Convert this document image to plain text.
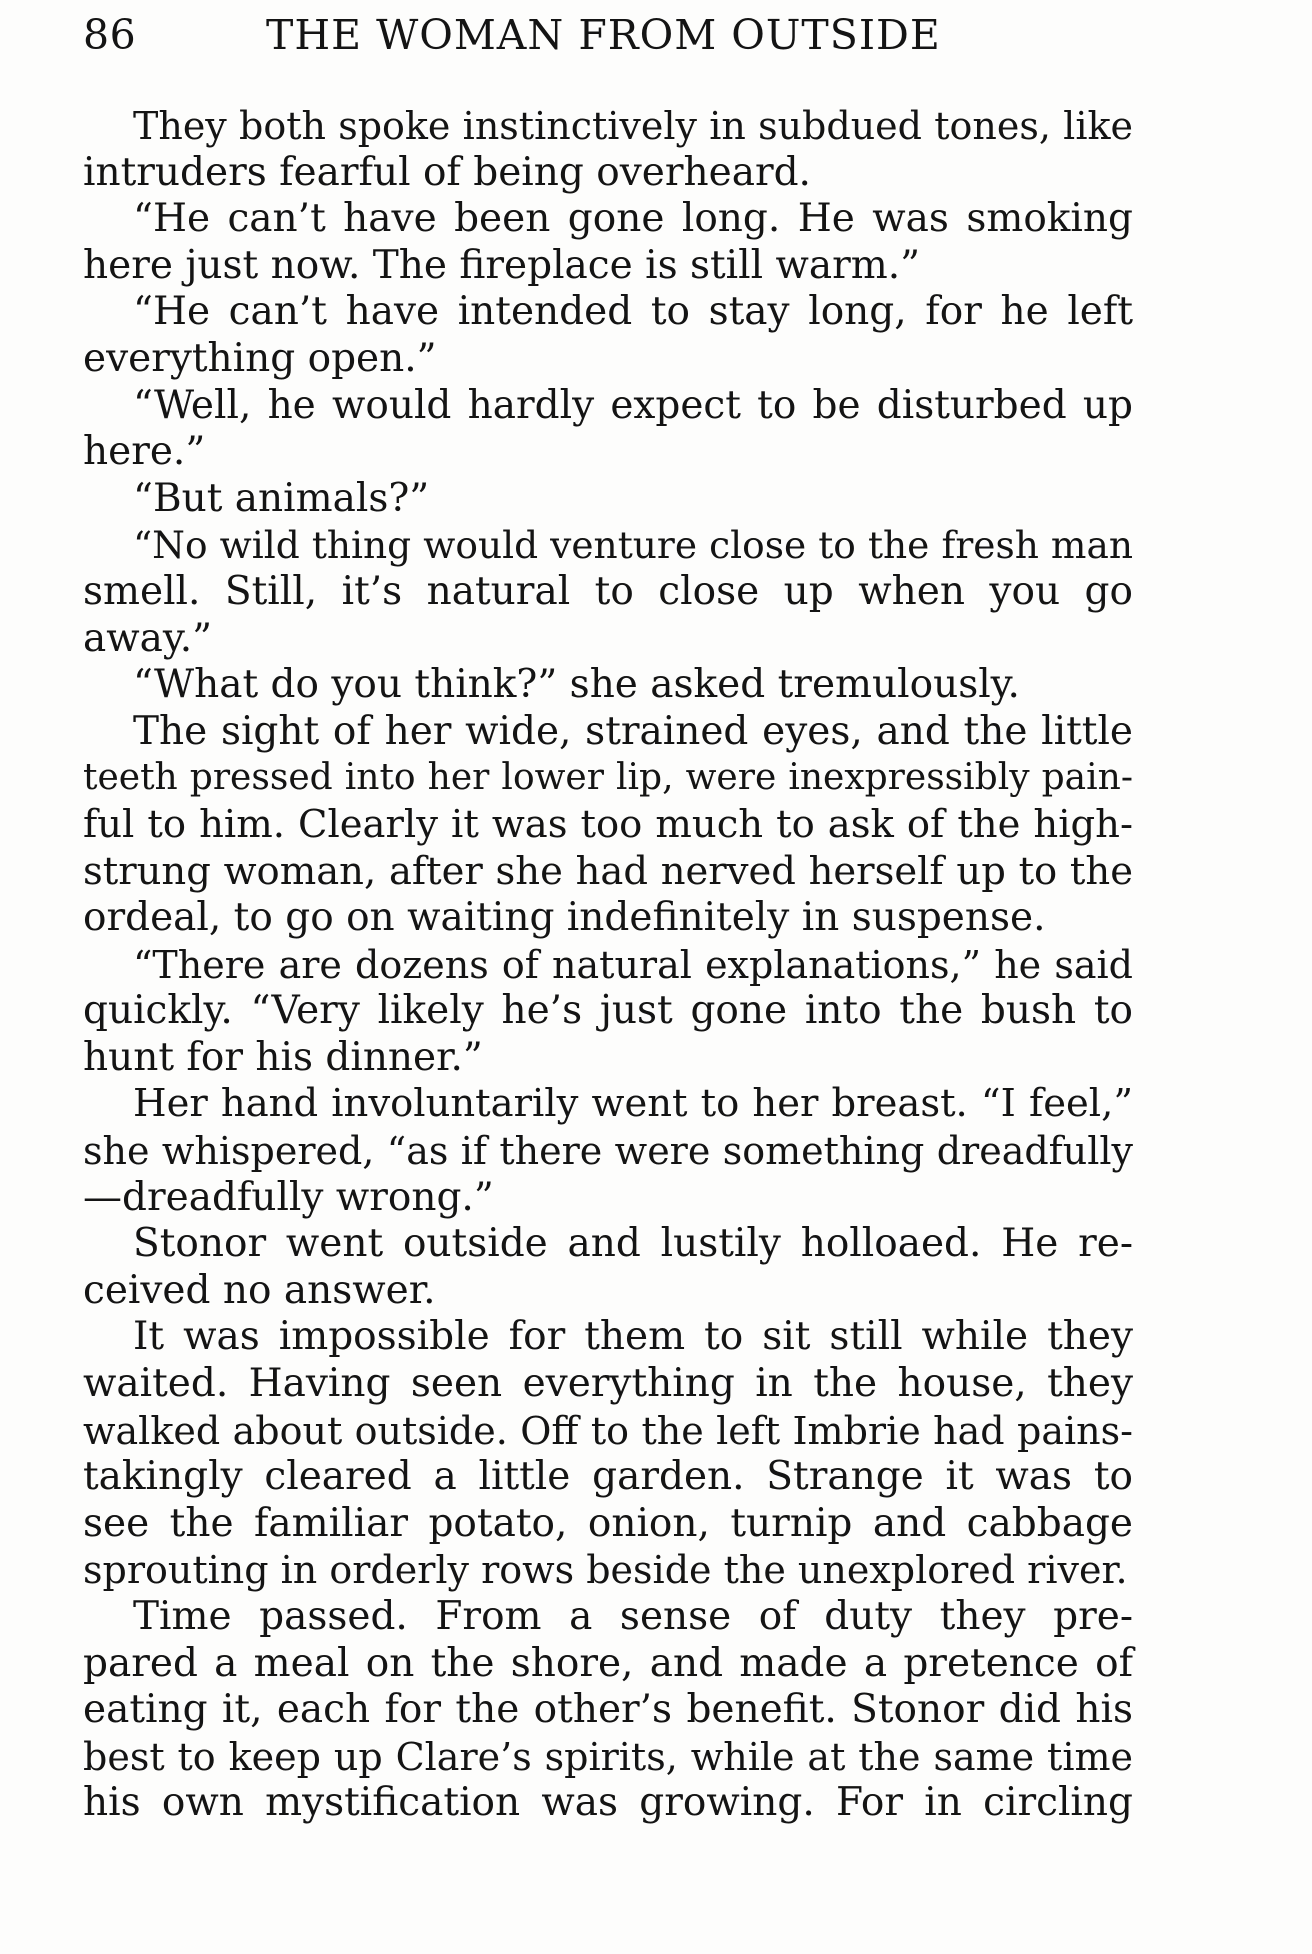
86	THE WOMAN FROM OUTSIDE
They both spoke instinctively in subdued tones, like
intruders fearful of being overheard.
“He can’t have been gone long. He was smoking
here just now. The fireplace is still warm.”
“He can’t have intended to stay long, for he left
everything open.”
“Well, he would hardly expect to be disturbed up
here.”
“But animals?”
“No wild thing would venture close to the fresh man
smell. Still, it’s natural to close up when you go
away.”
“What do you think?” she asked tremulously.
The sight of her wide, strained eyes, and the little
teeth pressed into her lower lip, were inexpressibly pain-
ful to him. Clearly it was too much to ask of the high-
strung woman, after she had nerved herself up to the
ordeal, to go on waiting indefinitely in suspense.
“There are dozens of natural explanations,” he said
quickly. “Very likely he’s just gone into the bush to
hunt for his dinner.”
Her hand involuntarily went to her breast. “I feel,”
she whispered, “as if there were something dreadfully
—dreadfully wrong.”
Stonor went outside and lustily holloaed. He re-
ceived no answer.
It was impossible for them to sit still while they
waited. Having seen everything in the house, they
walked about outside. Off to the left Imbrie had pains-
takingly cleared a little garden. Strange it was to
see the familiar potato, onion, turnip and cabbage
sprouting in orderly rows beside the unexplored river.
Time passed. From a sense of duty they pre-
pared a meal on the shore, and made a pretence of
eating it, each for the other’s benefit. Stonor did his
best to keep up Clare’s spirits, while at the same time
his own mystification was growing. For in circling
